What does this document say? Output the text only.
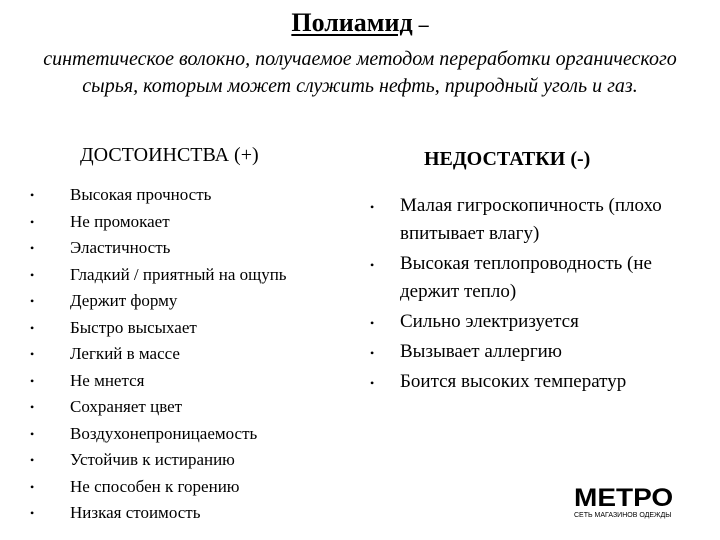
Полиамид –
синтетическое волокно, получаемое методом переработки органического сырья, которым может служить нефть, природный уголь и газ.
ДОСТОИНСТВА (+)	НЕДОСТАТКИ (-)
• Высокая прочность
• Не промокает
• Эластичность
• Гладкий / приятный на ощупь
• Держит форму
• Быстро высыхает
• Легкий в массе
• Не мнется
• Сохраняет цвет
• Воздухонепроницаемость
• Устойчив к истиранию
• Не способен к горению
• Низкая стоимость
• Малая гигроскопичность (плохо впитывает влагу)
• Высокая теплопроводность (не держит тепло)
• Сильно электризуется
• Вызывает аллергию
• Боится высоких температур
МЕТРО
СЕТЬ МАГАЗИНОВ ОДЕЖДЫ
